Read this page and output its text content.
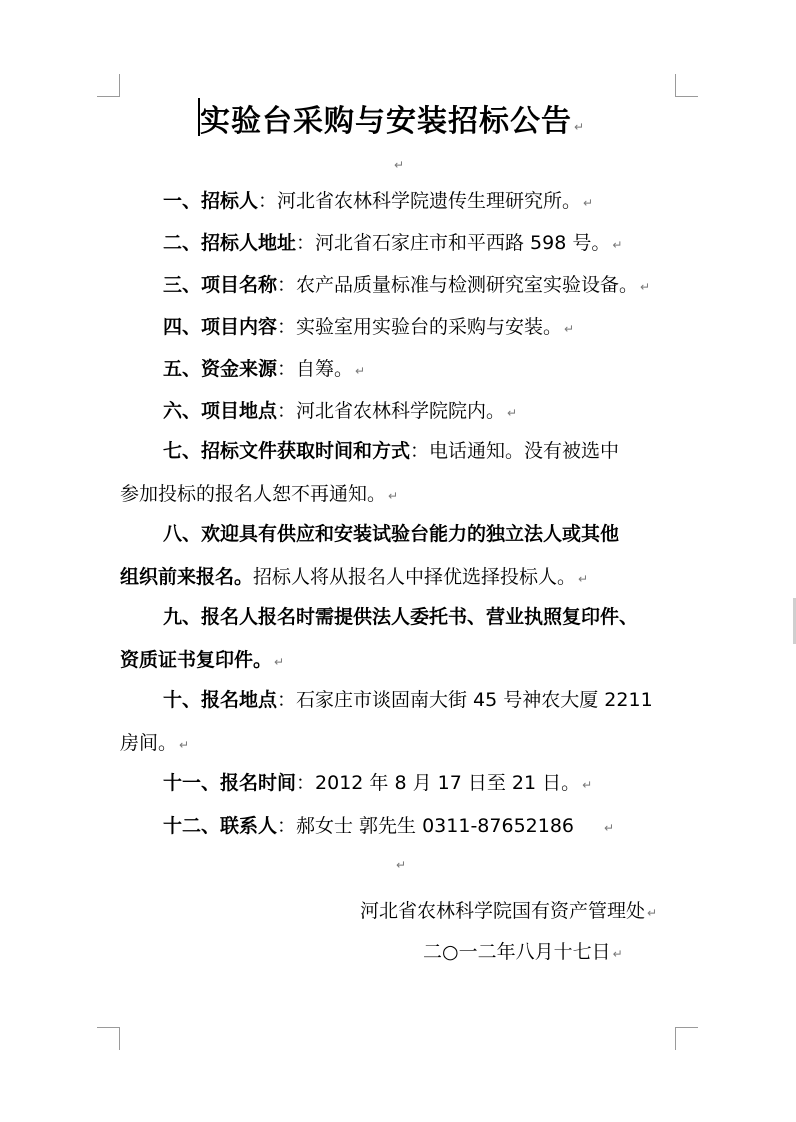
实验台采购与安装招标公告 ↵
↵
一、招标人：河北省农林科学院遗传生理研究所。 ↵
二、招标人地址：河北省石家庄市和平西路 598 号。 ↵
三、项目名称：农产品质量标准与检测研究室实验设备。 ↵
四、项目内容：实验室用实验台的采购与安装。 ↵
五、资金来源：自筹。 ↵
六、项目地点：河北省农林科学院院内。 ↵
七、招标文件获取时间和方式：电话通知。没有被选中
参加投标的报名人恕不再通知。 ↵
八、欢迎具有供应和安装试验台能力的独立法人或其他
组织前来报名。招标人将从报名人中择优选择投标人。 ↵
九、报名人报名时需提供法人委托书、营业执照复印件、
资质证书复印件。 ↵
十、报名地点：石家庄市谈固南大街 45 号神农大厦 2211
房间。 ↵
十一、报名时间：2012 年 8 月 17 日至 21 日。 ↵
十二、联系人：郝女士 郭先生 0311-87652186	↵
↵
河北省农林科学院国有资产管理处 ↵
二○一二年八月十七日 ↵
